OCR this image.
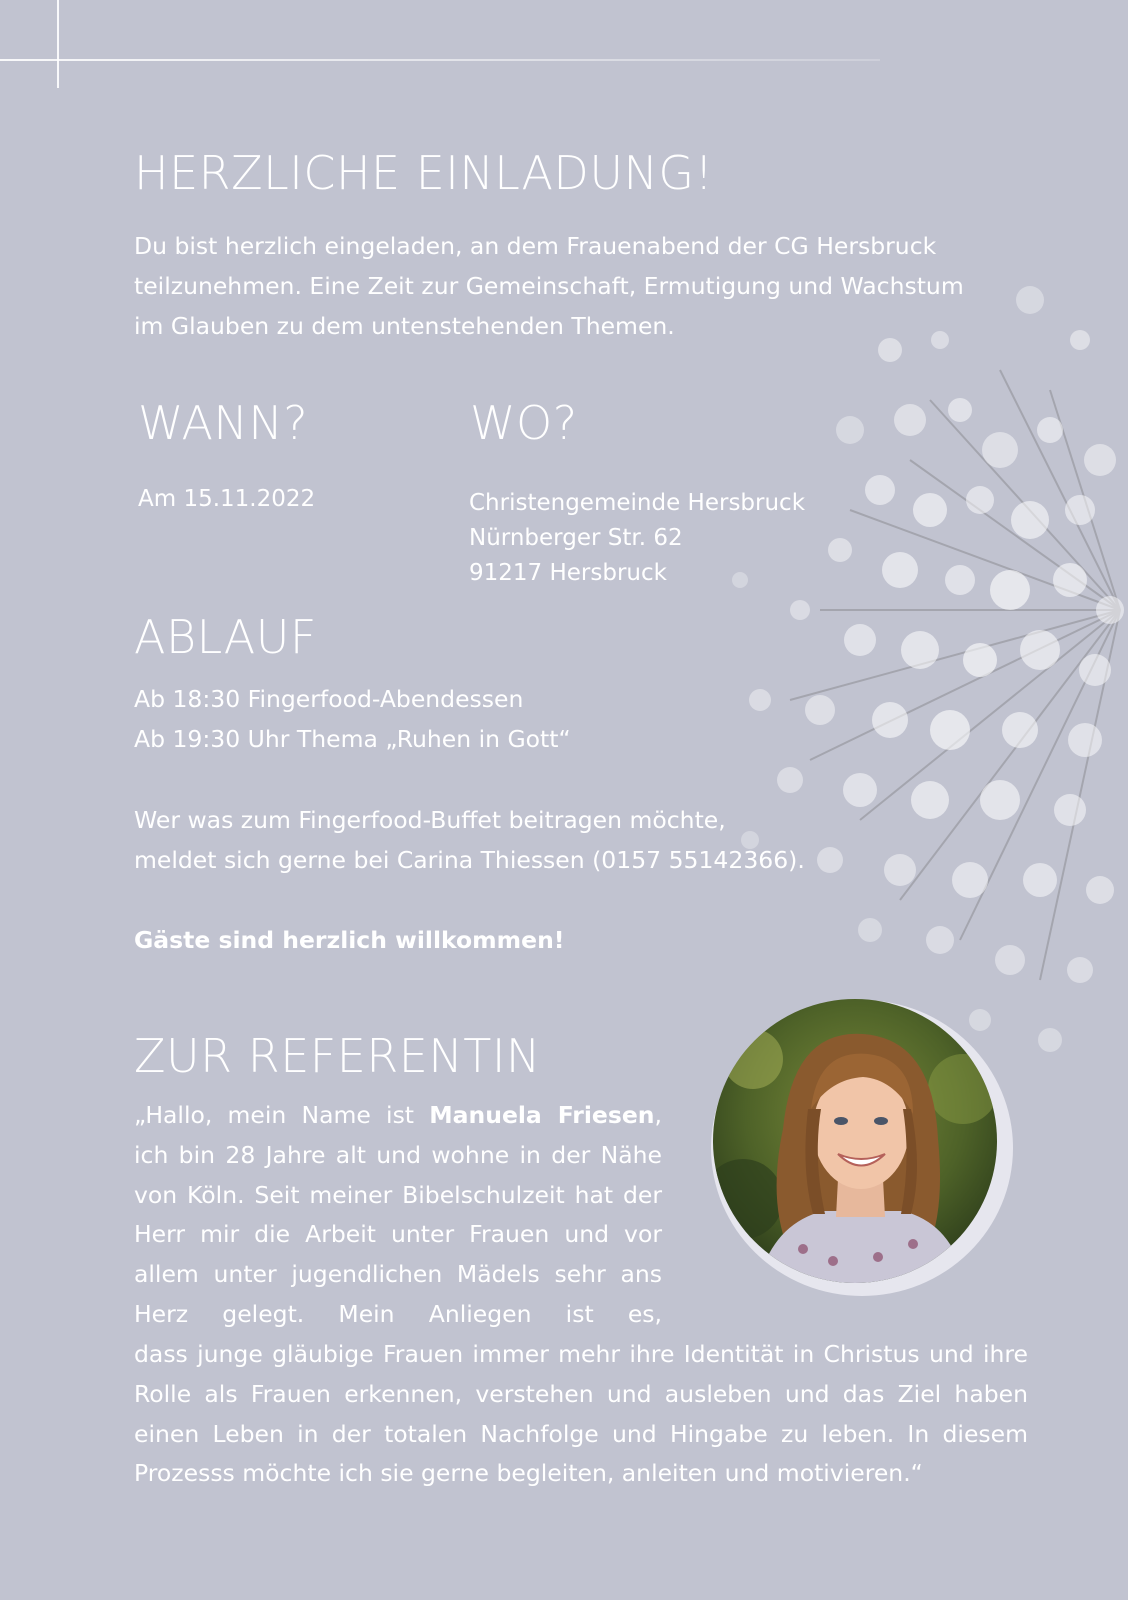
HERZLICHE EINLADUNG!

Du bist herzlich eingeladen, an dem Frauenabend der CG Hersbruck
teilzunehmen. Eine Zeit zur Gemeinschaft, Ermutigung und Wachstum
im Glauben zu dem untenstehenden Themen.

WANN?	WO?

Am 15.11.2022	Christengemeinde Hersbruck
Nürnberger Str. 62
91217 Hersbruck

ABLAUF

Ab 18:30 Fingerfood-Abendessen
Ab 19:30 Uhr Thema „Ruhen in Gott“

Wer was zum Fingerfood-Buffet beitragen möchte,
meldet sich gerne bei Carina Thiessen (0157 55142366).

Gäste sind herzlich willkommen!

ZUR REFERENTIN

„Hallo, mein Name ist Manuela Friesen, ich bin 28 Jahre alt und wohne in der Nähe von Köln. Seit meiner Bibelschulzeit hat der Herr mir die Arbeit unter Frauen und vor allem unter jugendlichen Mädels sehr ans Herz gelegt. Mein Anliegen ist es,

dass junge gläubige Frauen immer mehr ihre Identität in Christus und ihre Rolle als Frauen erkennen, verstehen und ausleben und das Ziel haben einen Leben in der totalen Nachfolge und Hingabe zu leben. In diesem Prozesss möchte ich sie gerne begleiten, anleiten und motivieren.“
